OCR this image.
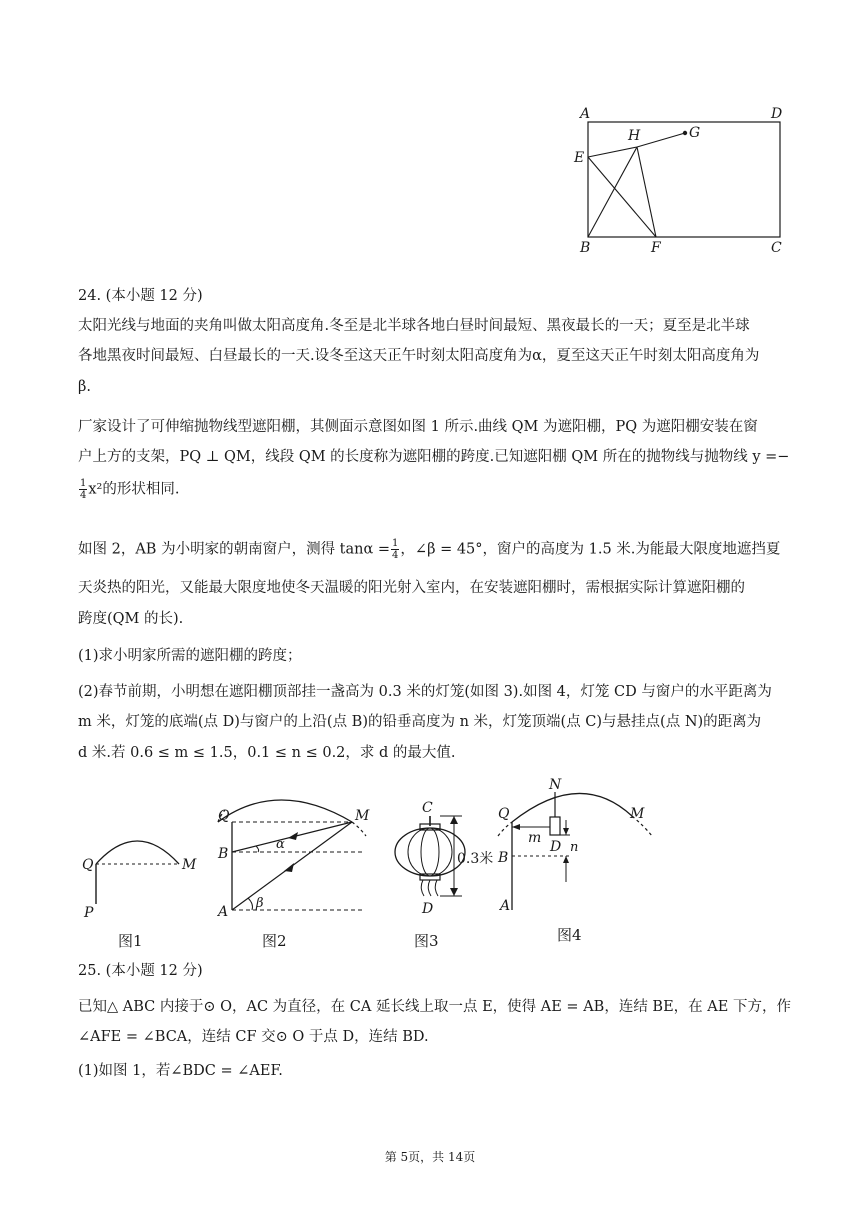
A	D
H	G
E
B	F	C
24. (本小题 12 分)
太阳光线与地面的夹角叫做太阳高度角.冬至是北半球各地白昼时间最短、黑夜最长的一天；夏至是北半球
各地黑夜时间最短、白昼最长的一天.设冬至这天正午时刻太阳高度角为α，夏至这天正午时刻太阳高度角为
β.
厂家设计了可伸缩抛物线型遮阳棚，其侧面示意图如图 1 所示.曲线 QM 为遮阳棚，PQ 为遮阳棚安装在窗
户上方的支架，PQ ⊥ QM，线段 QM 的长度称为遮阳棚的跨度.已知遮阳棚 QM 所在的抛物线与抛物线 y =−
$\frac{1}{4} x^2$的形状相同.
如图 2，AB 为小明家的朝南窗户，测得 $\tan\alpha = \frac{1}{4}$ ，∠β = 45°，窗户的高度为 1.5 米.为能最大限度地遮挡夏
天炎热的阳光，又能最大限度地使冬天温暖的阳光射入室内，在安装遮阳棚时，需根据实际计算遮阳棚的
跨度(QM 的长).
(1)求小明家所需的遮阳棚的跨度；
(2)春节前期，小明想在遮阳棚顶部挂一盏高为 0.3 米的灯笼(如图 3).如图 4，灯笼 CD 与窗户的水平距离为
m 米，灯笼的底端(点 D)与窗户的上沿(点 B)的铅垂高度为 n 米，灯笼顶端(点 C)与悬挂点(点 N)的距离为
d 米.若 0.6 ≤ m ≤ 1.5，0.1 ≤ n ≤ 0.2，求 d 的最大值.
Q	M
P
图1
Q	M
B
A
α
β
图2
C
D
0.3米
图3
N
Q	M
B
A
m
D n
图4
25. (本小题 12 分)
已知△ ABC 内接于⊙ O，AC 为直径，在 CA 延长线上取一点 E，使得 AE = AB，连结 BE，在 AE 下方，作
∠AFE = ∠BCA，连结 CF 交⊙ O 于点 D，连结 BD.
(1)如图 1，若∠BDC = ∠AEF.
第 5页，共 14页
